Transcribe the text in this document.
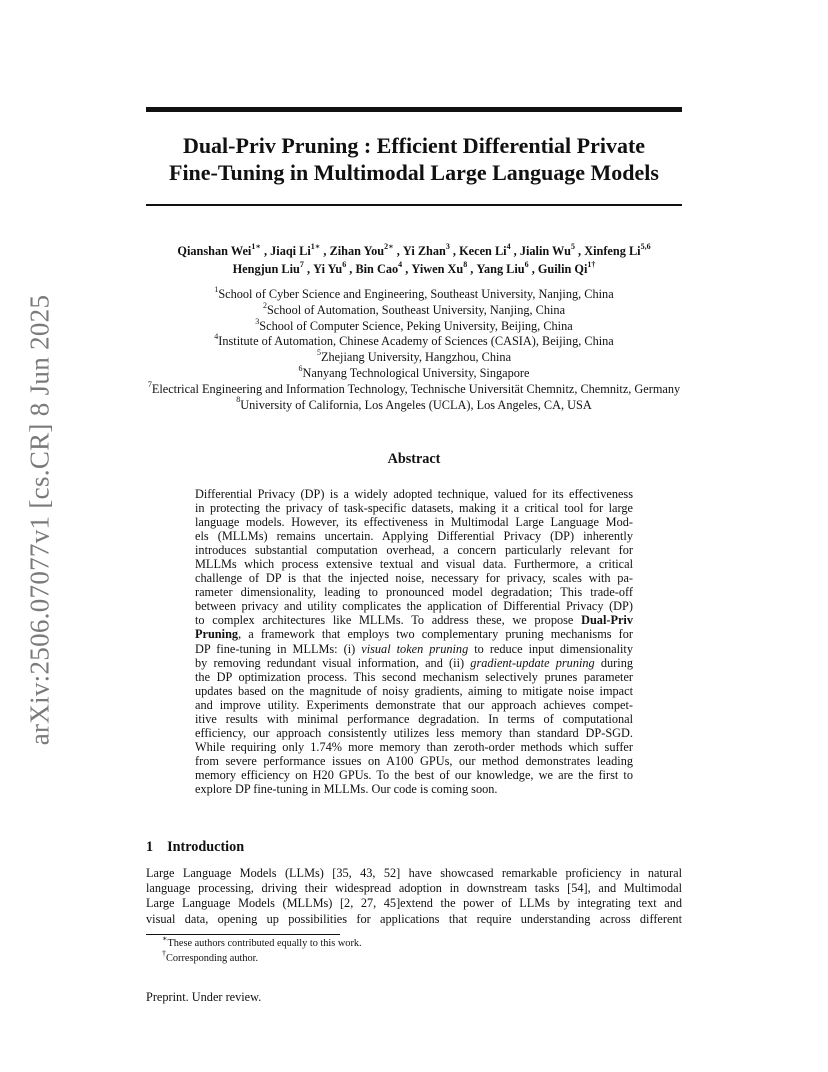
arXiv:2506.07077v1 [cs.CR] 8 Jun 2025
Dual-Priv Pruning : Efficient Differential Private
Fine-Tuning in Multimodal Large Language Models
Qianshan Wei$^{1∗}$ , Jiaqi $Li^{1∗}$ , Zihan You$^{2∗}$ , Yi Zhan$^3$ , Kecen Li$^4$ , Jialin Wu$^5$ , Xinfeng Li$^{5,6}$
Hengjun Liu$^7$ , Yi Yu$^6$ , Bin Cao$^4$ , Yiwen Xu$^8$ , Yang Liu$^6$ , Guilin $Qi^{1\dagger}$
$^1$School of Cyber Science and Engineering, Southeast University, Nanjing, China
$^2$School of Automation, Southeast University, Nanjing, China
$^3$School of Computer Science, Peking University, Beijing, China
$^4$Institute of Automation, Chinese Academy of Sciences (CASIA), Beijing, China
$^5$Zhejiang University, Hangzhou, China
$^6$Nanyang Technological University, Singapore
$^7$Electrical Engineering and Information Technology, Technische Universität Chemnitz, Chemnitz, Germany
$^8$University of California, Los Angeles (UCLA), Los Angeles, CA, USA
Abstract
Differential Privacy (DP) is a widely adopted technique, valued for its effectiveness
in protecting the privacy of task-specific datasets, making it a critical tool for large
language models. However, its effectiveness in Multimodal Large Language Mod-
els (MLLMs) remains uncertain. Applying Differential Privacy (DP) inherently
introduces substantial computation overhead, a concern particularly relevant for
MLLMs which process extensive textual and visual data. Furthermore, a critical
challenge of DP is that the injected noise, necessary for privacy, scales with pa-
rameter dimensionality, leading to pronounced model degradation; This trade-off
between privacy and utility complicates the application of Differential Privacy (DP)
to complex architectures like MLLMs. To address these, we propose Dual-Priv
Pruning, a framework that employs two complementary pruning mechanisms for
DP fine-tuning in MLLMs: (i) visual token pruning to reduce input dimensionality
by removing redundant visual information, and (ii) gradient-update pruning during
the DP optimization process. This second mechanism selectively prunes parameter
updates based on the magnitude of noisy gradients, aiming to mitigate noise impact
and improve utility. Experiments demonstrate that our approach achieves compet-
itive results with minimal performance degradation. In terms of computational
efficiency, our approach consistently utilizes less memory than standard DP-SGD.
While requiring only 1.74% more memory than zeroth-order methods which suffer
from severe performance issues on A100 GPUs, our method demonstrates leading
memory efficiency on H20 GPUs. To the best of our knowledge, we are the first to
explore DP fine-tuning in MLLMs. Our code is coming soon.
1 Introduction
Large Language Models (LLMs) [35, 43, 52] have showcased remarkable proficiency in natural
language processing, driving their widespread adoption in downstream tasks [54], and Multimodal
Large Language Models (MLLMs) [2, 27, 45]extend the power of LLMs by integrating text and
visual data, opening up possibilities for applications that require understanding across different
∗These authors contributed equally to this work.
†Corresponding author.
Preprint. Under review.
